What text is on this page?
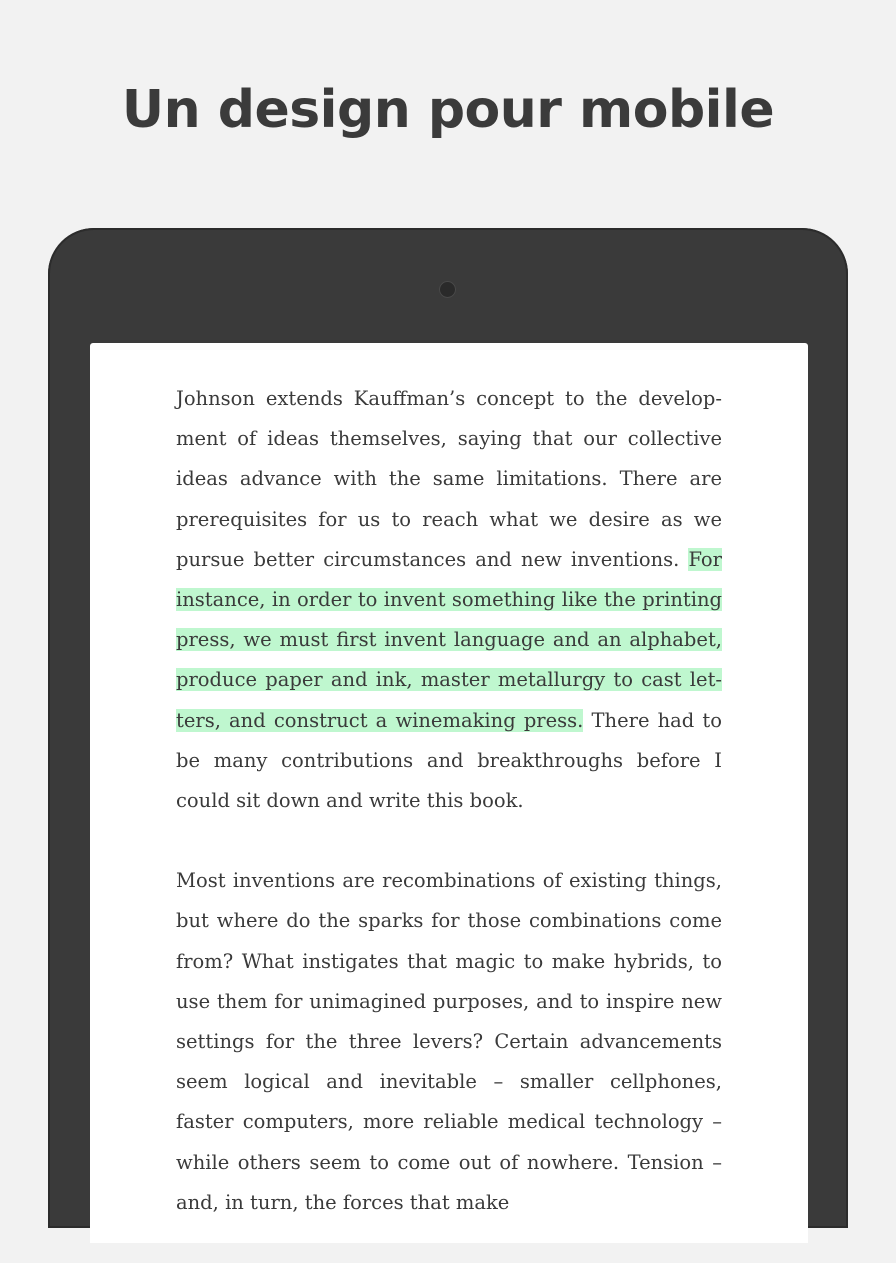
Un design pour mobile

Johnson extends Kauffman’s concept to the development of ideas themselves, saying that our collective ideas advance with the same limitations. There are prerequisites for us to reach what we desire as we pursue better circumstances and new inventions. For instance, in order to invent something like the printing press, we must first invent language and an alphabet, produce paper and ink, master metallurgy to cast letters, and construct a winemaking press. There had to be many contributions and breakthroughs before I could sit down and write this book.

Most inventions are recombinations of existing things, but where do the sparks for those combinations come from? What instigates that magic to make hybrids, to use them for unimagined purposes, and to inspire new settings for the three levers? Certain advancements seem logical and inevitable – smaller cellphones, faster computers, more reliable medical technology – while others seem to come out of nowhere. Tension – and, in turn, the forces that make
